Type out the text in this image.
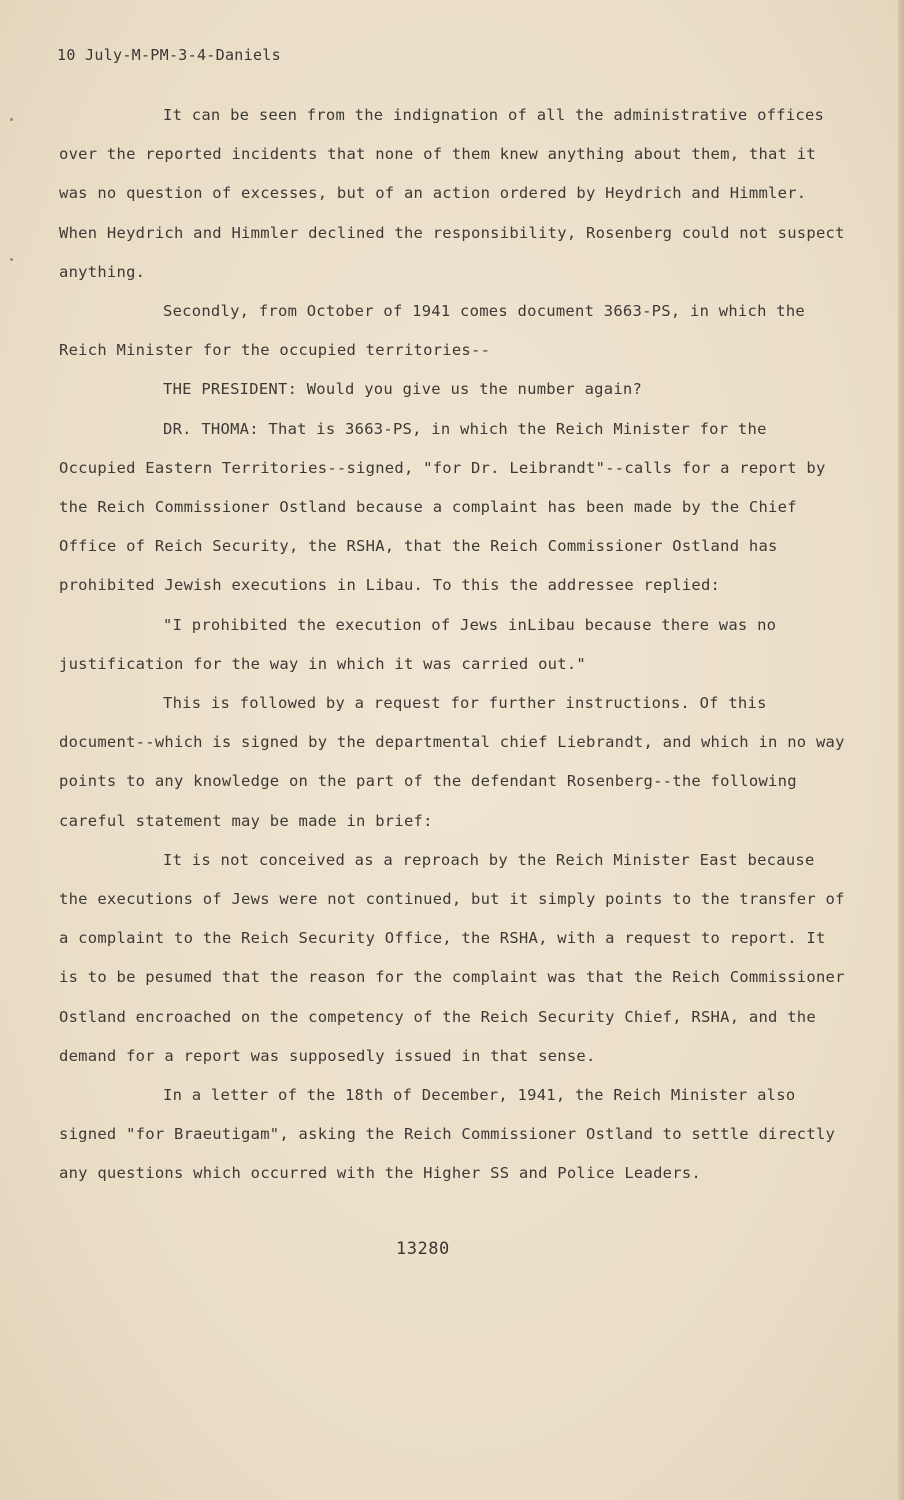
10 July-M-PM-3-4-Daniels

It can be seen from the indignation of all the administrative offices over the reported incidents that none of them knew anything about them, that it was no question of excesses, but of an action ordered by Heydrich and Himmler. When Heydrich and Himmler declined the responsibility, Rosenberg could not suspect anything.

Secondly, from October of 1941 comes document 3663-PS, in which the Reich Minister for the occupied territories--

THE PRESIDENT: Would you give us the number again?

DR. THOMA: That is 3663-PS, in which the Reich Minister for the Occupied Eastern Territories--signed, "for Dr. Leibrandt"--calls for a report by the Reich Commissioner Ostland because a complaint has been made by the Chief Office of Reich Security, the RSHA, that the Reich Commissioner Ostland has prohibited Jewish executions in Libau. To this the addressee replied:

"I prohibited the execution of Jews inLibau because there was no justification for the way in which it was carried out."

This is followed by a request for further instructions. Of this document--which is signed by the departmental chief Liebrandt, and which in no way points to any knowledge on the part of the defendant Rosenberg--the following careful statement may be made in brief:

It is not conceived as a reproach by the Reich Minister East because the executions of Jews were not continued, but it simply points to the transfer of a complaint to the Reich Security Office, the RSHA, with a request to report. It is to be pesumed that the reason for the complaint was that the Reich Commissioner Ostland encroached on the competency of the Reich Security Chief, RSHA, and the demand for a report was supposedly issued in that sense.

In a letter of the 18th of December, 1941, the Reich Minister also signed "for Braeutigam", asking the Reich Commissioner Ostland to settle directly any questions which occurred with the Higher SS and Police Leaders.

13280
